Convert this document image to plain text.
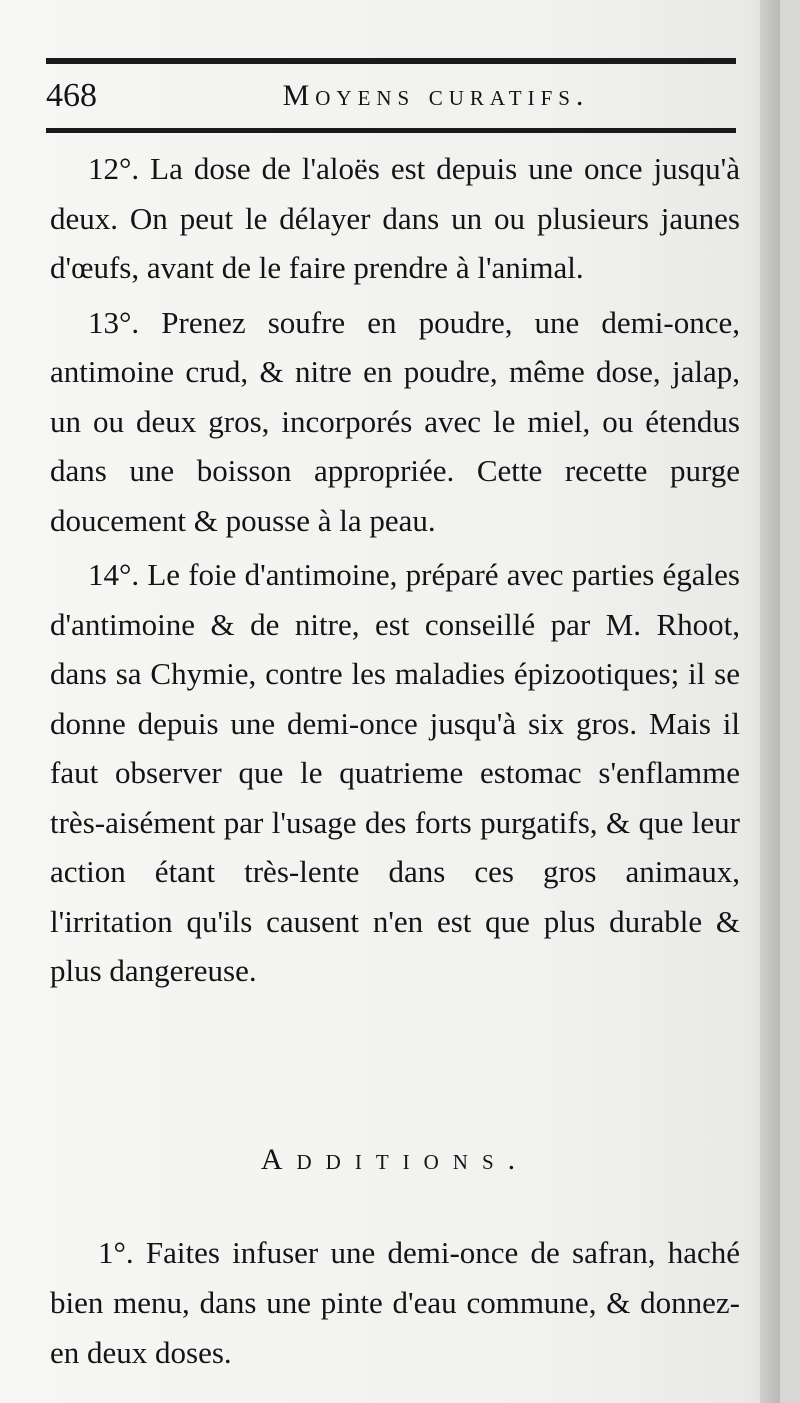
468	Moyens curatifs.

12°. La dose de l'aloës est depuis une once jusqu'à deux. On peut le délayer dans un ou plusieurs jaunes d'œufs, avant de le faire prendre à l'animal.

13°. Prenez soufre en poudre, une demi-once, antimoine crud, & nitre en poudre, même dose, jalap, un ou deux gros, incorporés avec le miel, ou étendus dans une boisson appropriée. Cette recette purge doucement & pousse à la peau.

14°. Le foie d'antimoine, préparé avec parties égales d'antimoine & de nitre, est conseillé par M. Rhoot, dans sa Chymie, contre les maladies épizootiques; il se donne depuis une demi-once jusqu'à six gros. Mais il faut observer que le quatrieme estomac s'enflamme très-aisément par l'usage des forts purgatifs, & que leur action étant très-lente dans ces gros animaux, l'irritation qu'ils causent n'en est que plus durable & plus dangereuse.

Additions.

1°. Faites infuser une demi-once de safran, haché bien menu, dans une pinte d'eau commune, & donnez-en deux doses.
